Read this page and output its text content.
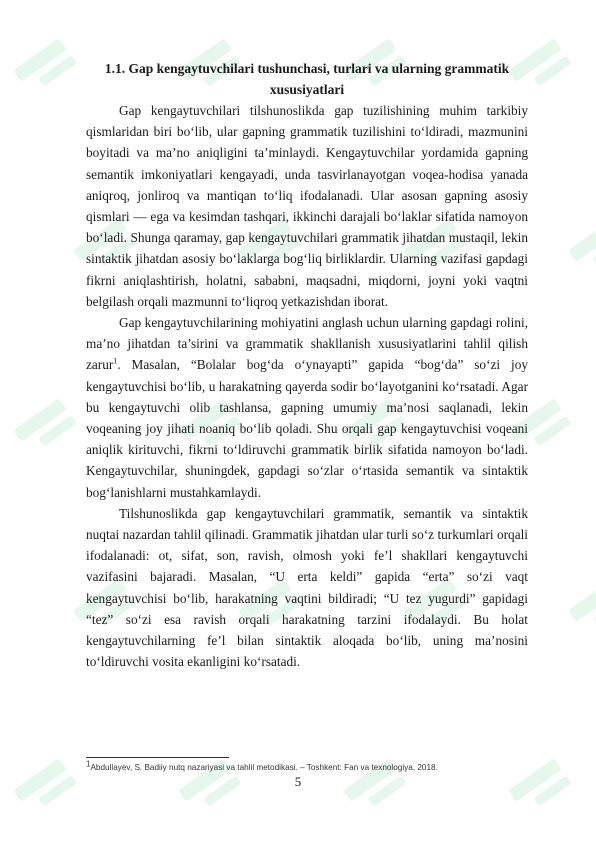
1.1. Gap kengaytuvchilari tushunchasi, turlari va ularning grammatik
xususiyatlari

Gap kengaytuvchilari tilshunoslikda gap tuzilishining muhim tarkibiy qismlaridan biri bo‘lib, ular gapning grammatik tuzilishini to‘ldiradi, mazmunini boyitadi va ma’no aniqligini ta’minlaydi. Kengaytuvchilar yordamida gapning semantik imkoniyatlari kengayadi, unda tasvirlanayotgan voqea-hodisa yanada aniqroq, jonliroq va mantiqan to‘liq ifodalanadi. Ular asosan gapning asosiy qismlari — ega va kesimdan tashqari, ikkinchi darajali bo‘laklar sifatida namoyon bo‘ladi. Shunga qaramay, gap kengaytuvchilari grammatik jihatdan mustaqil, lekin sintaktik jihatdan asosiy bo‘laklarga bog‘liq birliklardir. Ularning vazifasi gapdagi fikrni aniqlashtirish, holatni, sababni, maqsadni, miqdorni, joyni yoki vaqtni belgilash orqali mazmunni to‘liqroq yetkazishdan iborat.

Gap kengaytuvchilarining mohiyatini anglash uchun ularning gapdagi rolini, ma’no jihatdan ta’sirini va grammatik shakllanish xususiyatlarini tahlil qilish zarur$^1$. Masalan, “Bolalar bog‘da o‘ynayapti” gapida “bog‘da” so‘zi joy kengaytuvchisi bo‘lib, u harakatning qayerda sodir bo‘layotganini ko‘rsatadi. Agar bu kengaytuvchi olib tashlansa, gapning umumiy ma’nosi saqlanadi, lekin voqeaning joy jihati noaniq bo‘lib qoladi. Shu orqali gap kengaytuvchisi voqeani aniqlik kirituvchi, fikrni to‘ldiruvchi grammatik birlik sifatida namoyon bo‘ladi. Kengaytuvchilar, shuningdek, gapdagi so‘zlar o‘rtasida semantik va sintaktik bog‘lanishlarni mustahkamlaydi.

Tilshunoslikda gap kengaytuvchilari grammatik, semantik va sintaktik nuqtai nazardan tahlil qilinadi. Grammatik jihatdan ular turli so‘z turkumlari orqali ifodalanadi: ot, sifat, son, ravish, olmosh yoki fe’l shakllari kengaytuvchi vazifasini bajaradi. Masalan, “U erta keldi” gapida “erta” so‘zi vaqt kengaytuvchisi bo‘lib, harakatning vaqtini bildiradi; “U tez yugurdi” gapidagi “tez” so‘zi esa ravish orqali harakatning tarzini ifodalaydi. Bu holat kengaytuvchilarning fe’l bilan sintaktik aloqada bo‘lib, uning ma’nosini to‘ldiruvchi vosita ekanligini ko‘rsatadi.

$^1$Abdullayev, S. Badiiy nutq nazariyasi va tahlil metodikasi. – Toshkent: Fan va texnologiya, 2018.

5
